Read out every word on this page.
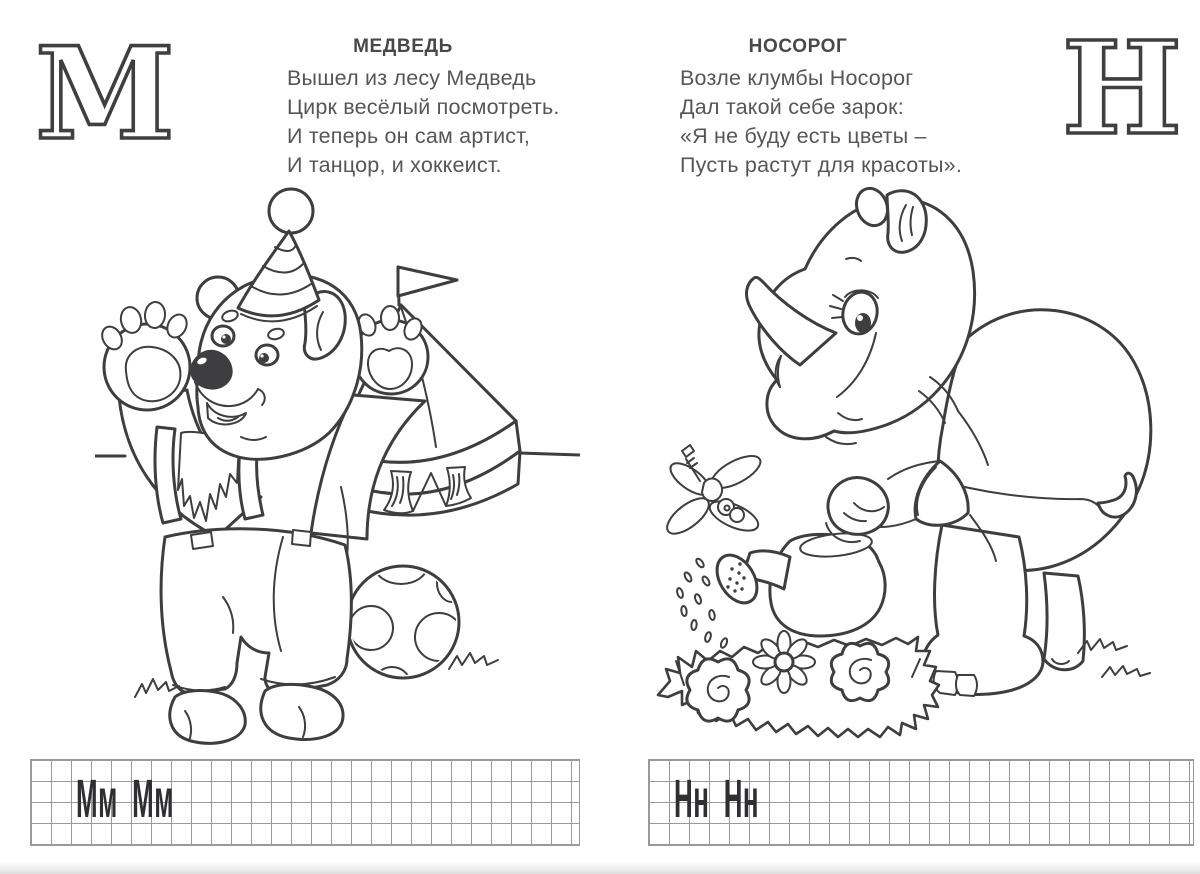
М	МЕДВЕДЬ
Вышел из лесу Медведь
Цирк весёлый посмотреть.
И теперь он сам артист,
И танцор, и хоккеист.
Мм Мм
НОСОРОГ
Возле клумбы Носорог
Дал такой себе зарок:
«Я не буду есть цветы –
Пусть растут для красоты».
Н
Нн Нн
